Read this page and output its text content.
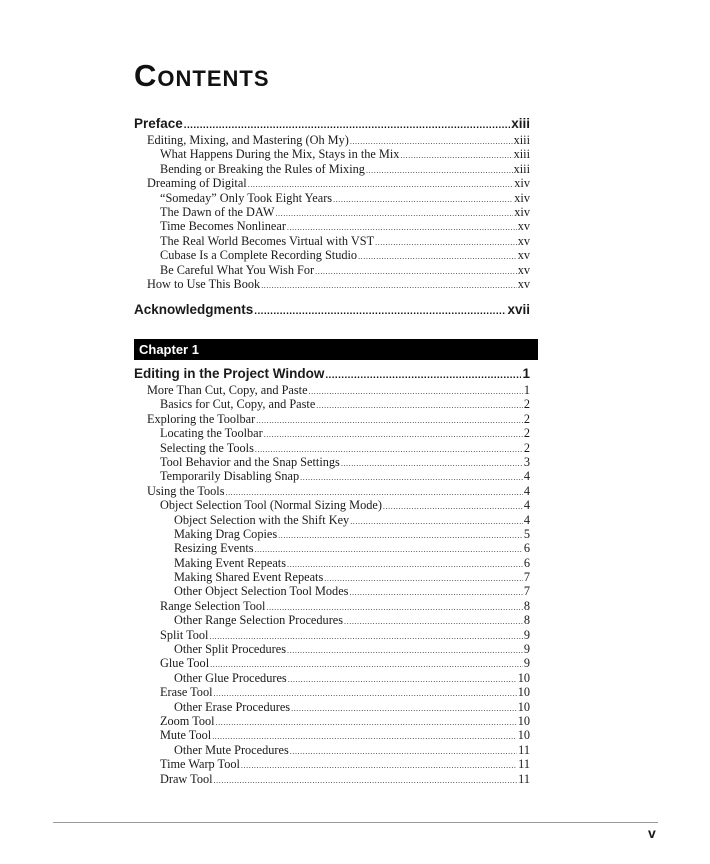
Contents
Preface .....	xiii
Editing, Mixing, and Mastering (Oh My) .....	xiii
What Happens During the Mix, Stays in the Mix .....	xiii
Bending or Breaking the Rules of Mixing .....	xiii
Dreaming of Digital .....	xiv
“Someday” Only Took Eight Years .....	xiv
The Dawn of the DAW .....	xiv
Time Becomes Nonlinear .....	xv
The Real World Becomes Virtual with VST .....	xv
Cubase Is a Complete Recording Studio .....	xv
Be Careful What You Wish For .....	xv
How to Use This Book .....	xv
Acknowledgments .....	xvii
Chapter 1
Editing in the Project Window .....	1
More Than Cut, Copy, and Paste .....	1
Basics for Cut, Copy, and Paste .....	2
Exploring the Toolbar .....	2
Locating the Toolbar .....	2
Selecting the Tools .....	2
Tool Behavior and the Snap Settings .....	3
Temporarily Disabling Snap .....	4
Using the Tools .....	4
Object Selection Tool (Normal Sizing Mode) .....	4
Object Selection with the Shift Key .....	4
Making Drag Copies .....	5
Resizing Events .....	6
Making Event Repeats .....	6
Making Shared Event Repeats .....	7
Other Object Selection Tool Modes .....	7
Range Selection Tool .....	8
Other Range Selection Procedures .....	8
Split Tool .....	9
Other Split Procedures .....	9
Glue Tool .....	9
Other Glue Procedures .....	10
Erase Tool .....	10
Other Erase Procedures .....	10
Zoom Tool .....	10
Mute Tool .....	10
Other Mute Procedures .....	11
Time Warp Tool .....	11
Draw Tool .....	11
v
